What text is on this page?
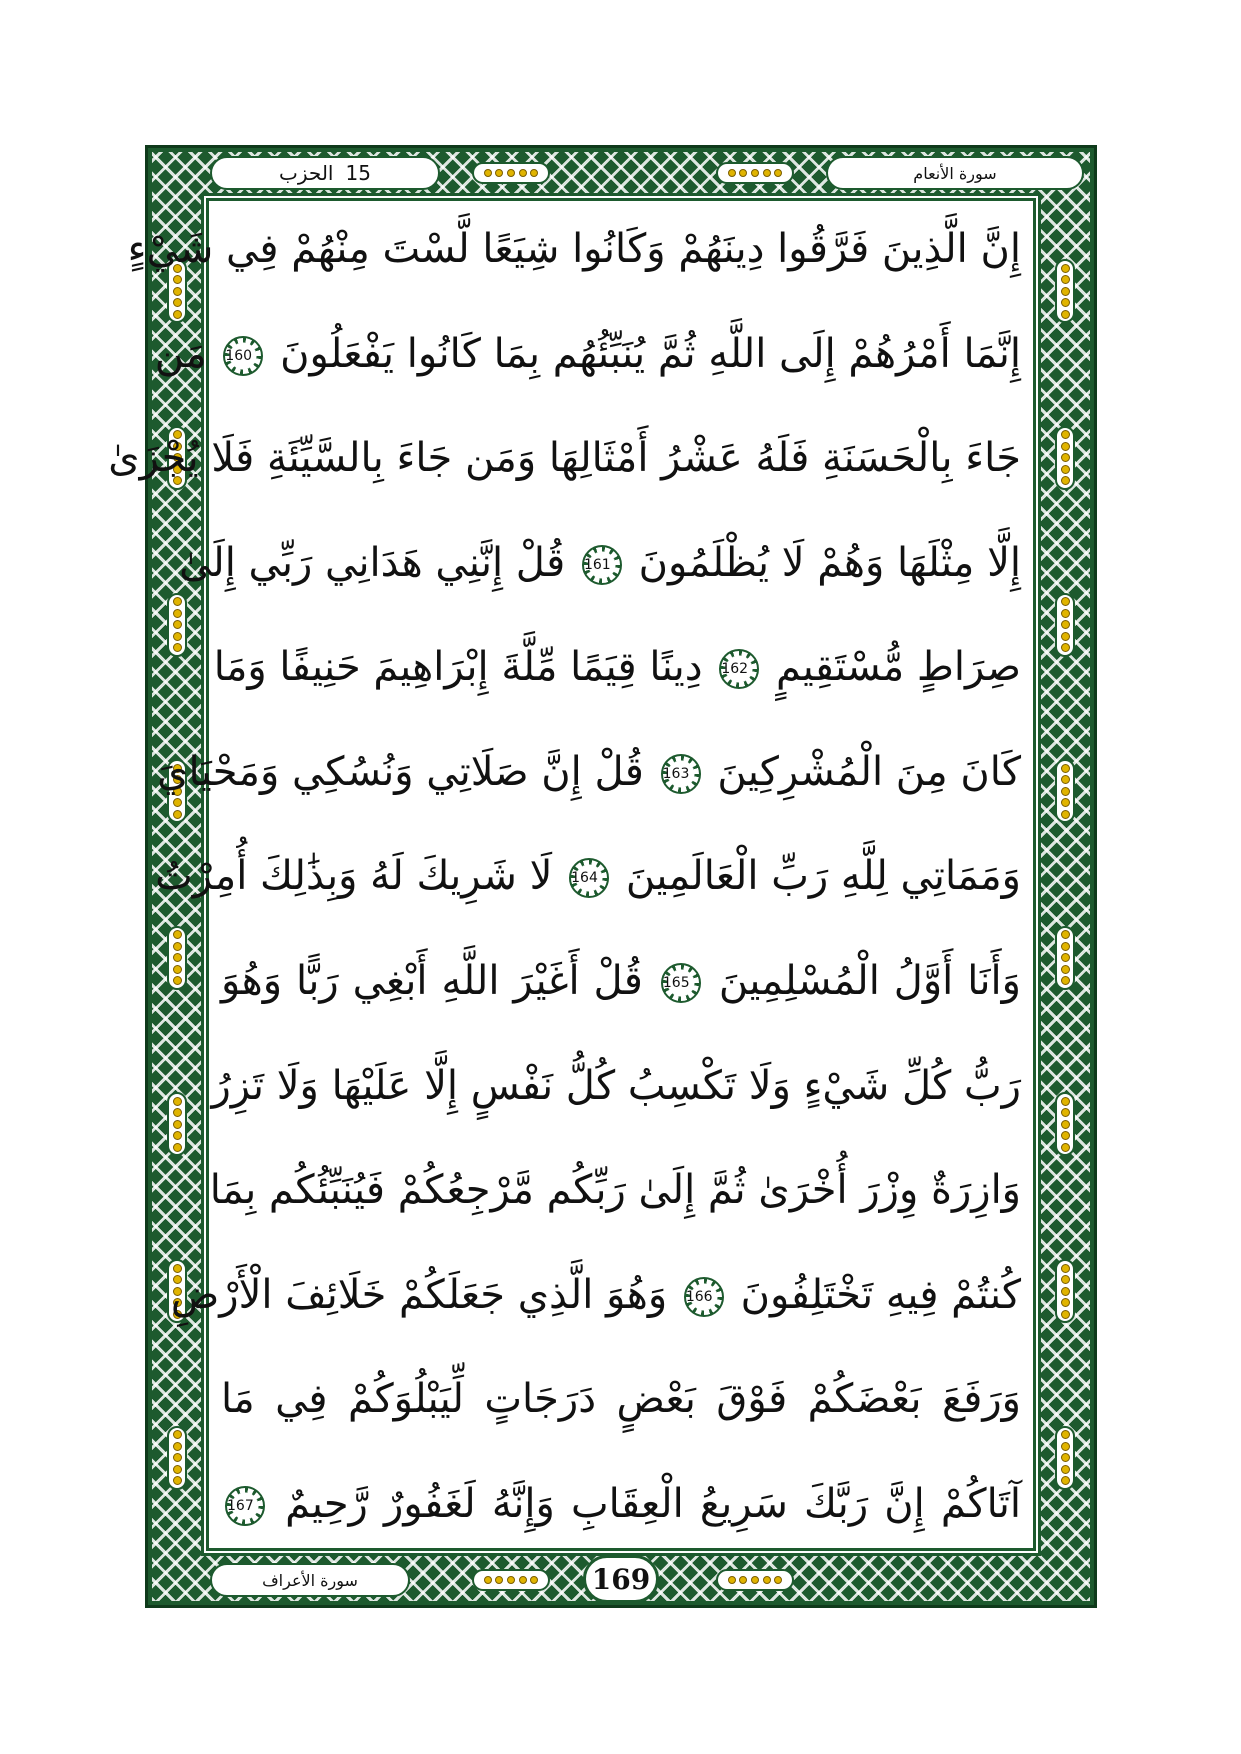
سورة الأنعام
الحزب 15
إِنَّ الَّذِينَ فَرَّقُوا دِينَهُمْ وَكَانُوا شِيَعًا لَّسْتَ مِنْهُمْ فِي شَيْءٍ
إِنَّمَا أَمْرُهُمْ إِلَى اللَّهِ ثُمَّ يُنَبِّئُهُم بِمَا كَانُوا يَفْعَلُونَ 160 مَن
جَاءَ بِالْحَسَنَةِ فَلَهُ عَشْرُ أَمْثَالِهَا وَمَن جَاءَ بِالسَّيِّئَةِ فَلَا يُجْزَىٰ
إِلَّا مِثْلَهَا وَهُمْ لَا يُظْلَمُونَ 161 قُلْ إِنَّنِي هَدَانِي رَبِّي إِلَىٰ
صِرَاطٍ مُّسْتَقِيمٍ 162 دِينًا قِيَمًا مِّلَّةَ إِبْرَاهِيمَ حَنِيفًا وَمَا
كَانَ مِنَ الْمُشْرِكِينَ 163 قُلْ إِنَّ صَلَاتِي وَنُسُكِي وَمَحْيَايَ
وَمَمَاتِي لِلَّهِ رَبِّ الْعَالَمِينَ 164 لَا شَرِيكَ لَهُ وَبِذَٰلِكَ أُمِرْتُ
وَأَنَا أَوَّلُ الْمُسْلِمِينَ 165 قُلْ أَغَيْرَ اللَّهِ أَبْغِي رَبًّا وَهُوَ
رَبُّ كُلِّ شَيْءٍ وَلَا تَكْسِبُ كُلُّ نَفْسٍ إِلَّا عَلَيْهَا وَلَا تَزِرُ
وَازِرَةٌ وِزْرَ أُخْرَىٰ ثُمَّ إِلَىٰ رَبِّكُم مَّرْجِعُكُمْ فَيُنَبِّئُكُم بِمَا
كُنتُمْ فِيهِ تَخْتَلِفُونَ 166 وَهُوَ الَّذِي جَعَلَكُمْ خَلَائِفَ الْأَرْضِ
وَرَفَعَ بَعْضَكُمْ فَوْقَ بَعْضٍ دَرَجَاتٍ لِّيَبْلُوَكُمْ فِي مَا
آتَاكُمْ إِنَّ رَبَّكَ سَرِيعُ الْعِقَابِ وَإِنَّهُ لَغَفُورٌ رَّحِيمٌ 167
سورة الأعراف	169
